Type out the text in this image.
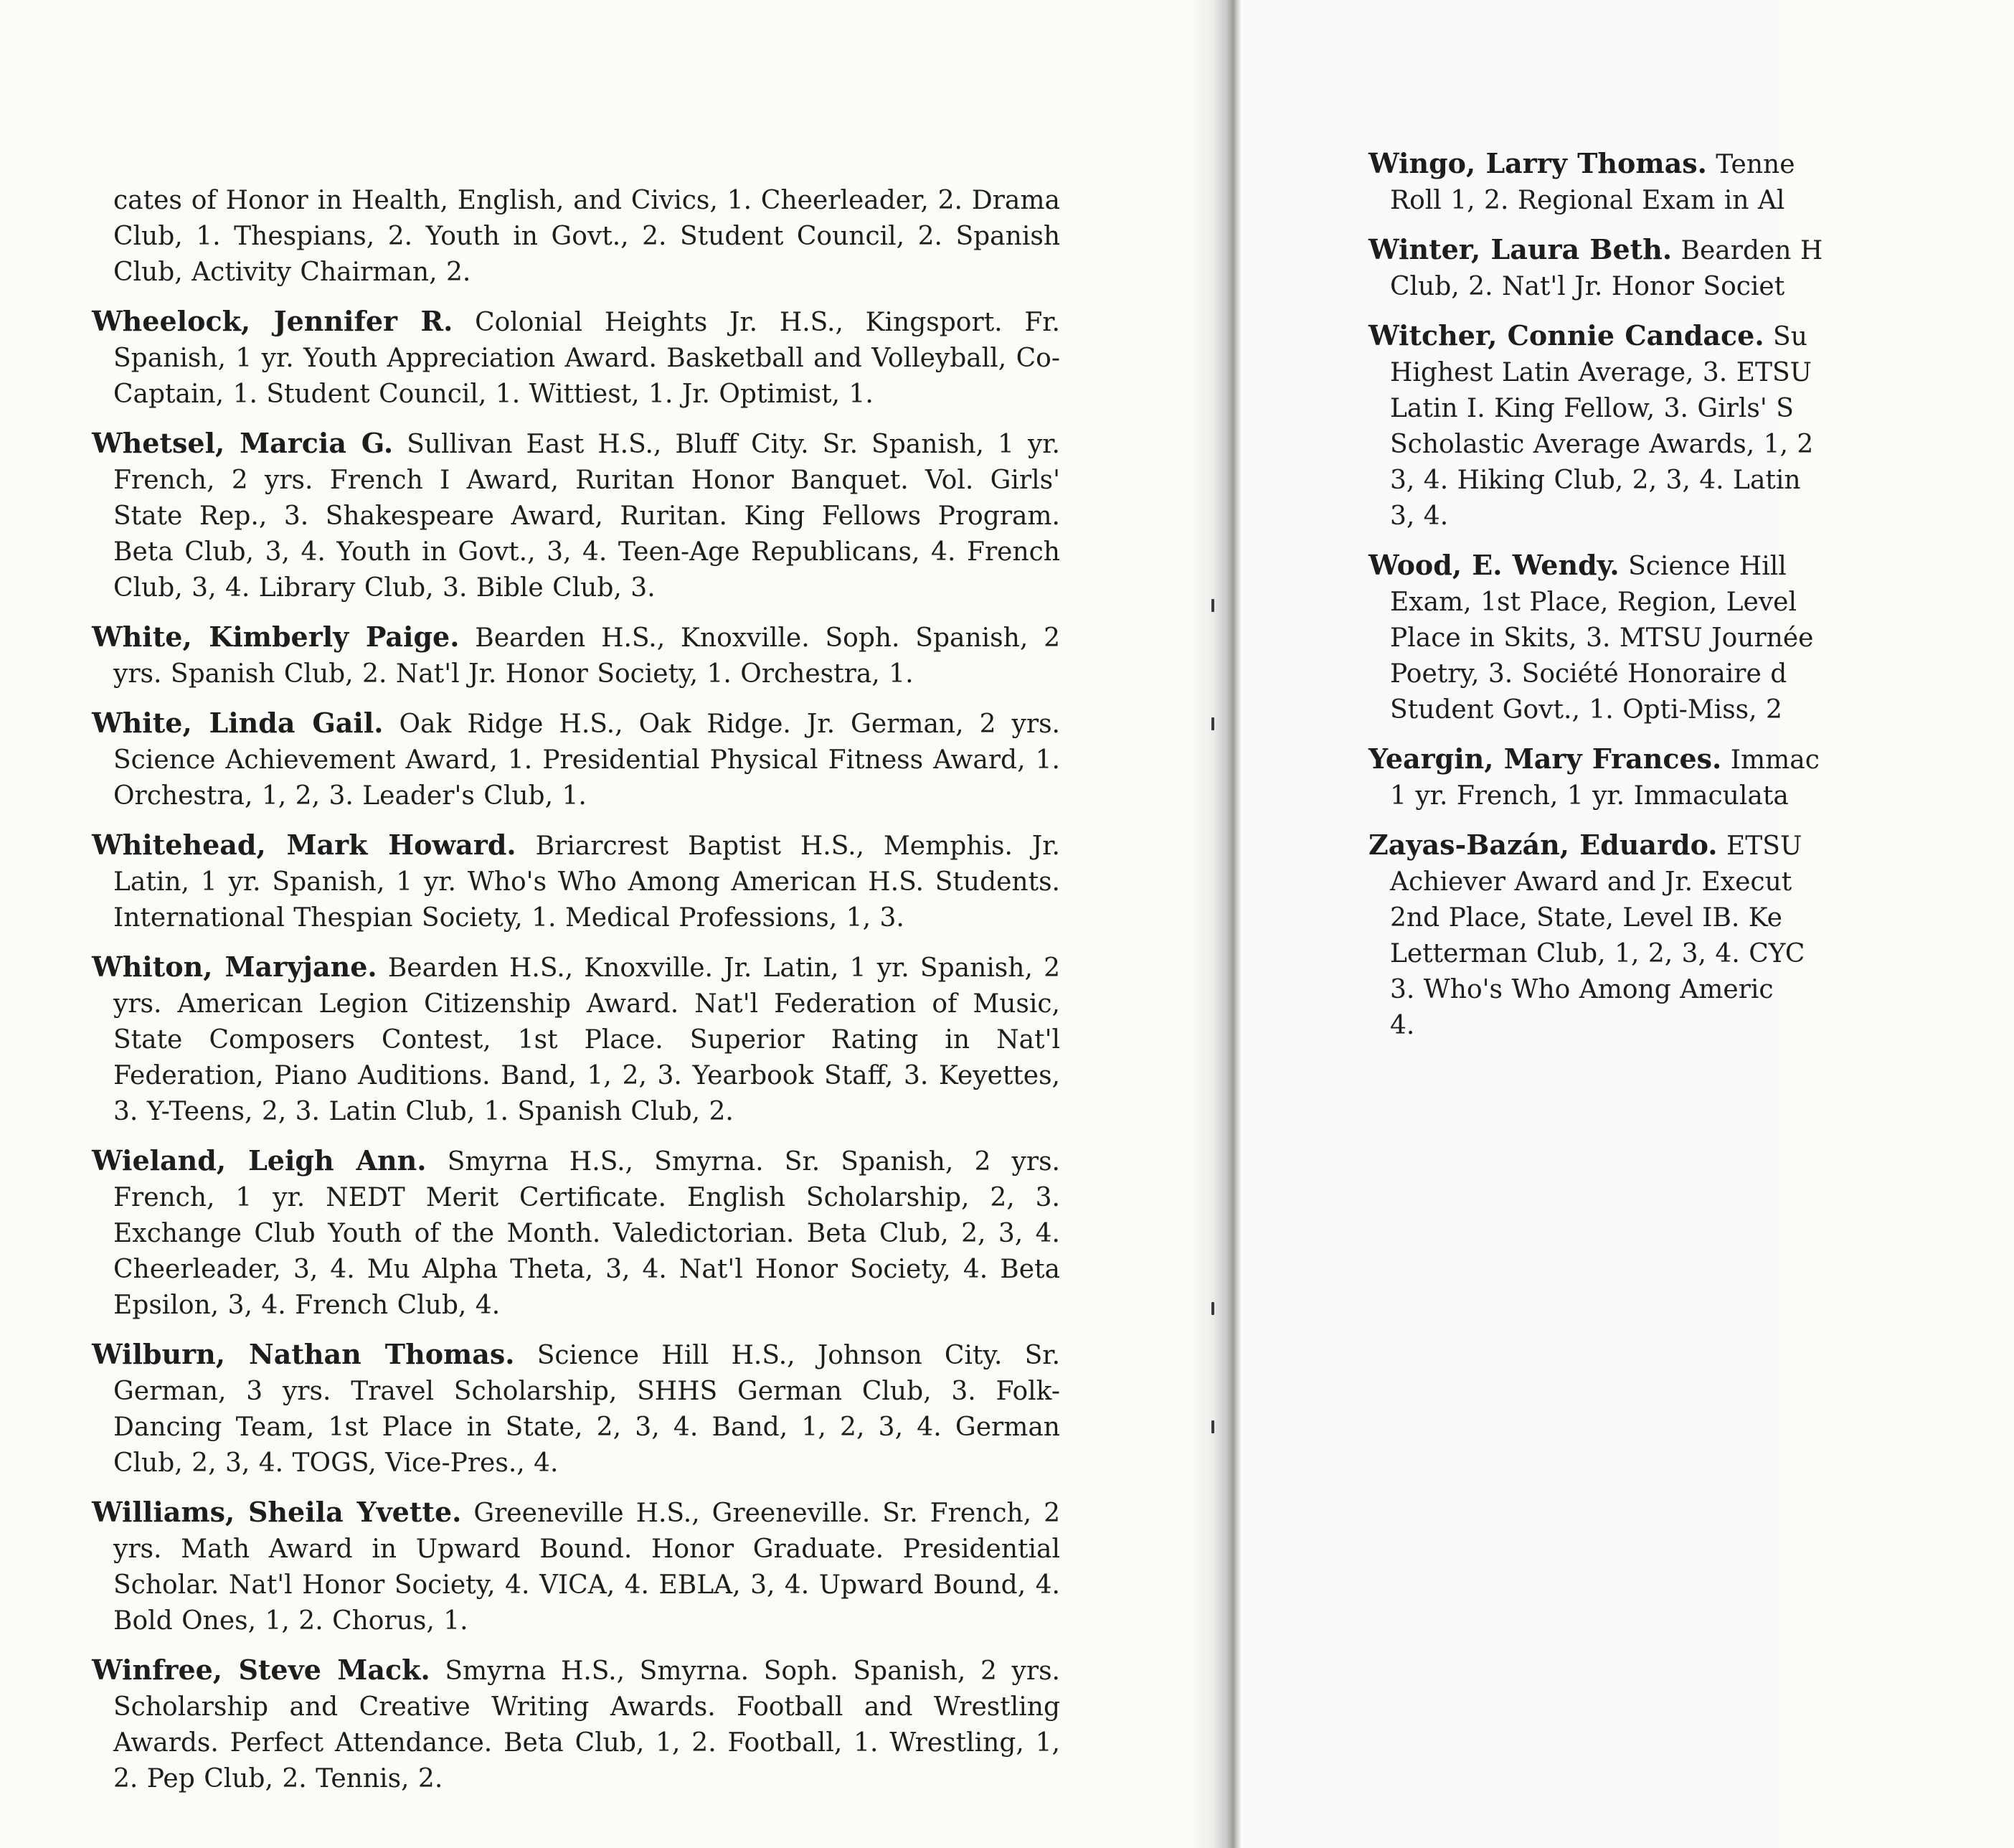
cates of Honor in Health, English, and Civics, 1. Cheerleader, 2. Drama Club, 1. Thespians, 2. Youth in Govt., 2. Student Council, 2. Spanish Club, Activity Chairman, 2.

Wheelock, Jennifer R. Colonial Heights Jr. H.S., Kingsport. Fr. Spanish, 1 yr. Youth Appreciation Award. Basketball and Volleyball, Co-Captain, 1. Student Council, 1. Wittiest, 1. Jr. Optimist, 1.

Whetsel, Marcia G. Sullivan East H.S., Bluff City. Sr. Spanish, 1 yr. French, 2 yrs. French I Award, Ruritan Honor Banquet. Vol. Girls' State Rep., 3. Shakespeare Award, Ruritan. King Fellows Program. Beta Club, 3, 4. Youth in Govt., 3, 4. Teen-Age Republicans, 4. French Club, 3, 4. Library Club, 3. Bible Club, 3.

White, Kimberly Paige. Bearden H.S., Knoxville. Soph. Spanish, 2 yrs. Spanish Club, 2. Nat'l Jr. Honor Society, 1. Orchestra, 1.

White, Linda Gail. Oak Ridge H.S., Oak Ridge. Jr. German, 2 yrs. Science Achievement Award, 1. Presidential Physical Fitness Award, 1. Orchestra, 1, 2, 3. Leader's Club, 1.

Whitehead, Mark Howard. Briarcrest Baptist H.S., Memphis. Jr. Latin, 1 yr. Spanish, 1 yr. Who's Who Among American H.S. Students. International Thespian Society, 1. Medical Professions, 1, 3.

Whiton, Maryjane. Bearden H.S., Knoxville. Jr. Latin, 1 yr. Spanish, 2 yrs. American Legion Citizenship Award. Nat'l Federation of Music, State Composers Contest, 1st Place. Superior Rating in Nat'l Federation, Piano Auditions. Band, 1, 2, 3. Yearbook Staff, 3. Keyettes, 3. Y-Teens, 2, 3. Latin Club, 1. Spanish Club, 2.

Wieland, Leigh Ann. Smyrna H.S., Smyrna. Sr. Spanish, 2 yrs. French, 1 yr. NEDT Merit Certificate. English Scholarship, 2, 3. Exchange Club Youth of the Month. Valedictorian. Beta Club, 2, 3, 4. Cheerleader, 3, 4. Mu Alpha Theta, 3, 4. Nat'l Honor Society, 4. Beta Epsilon, 3, 4. French Club, 4.

Wilburn, Nathan Thomas. Science Hill H.S., Johnson City. Sr. German, 3 yrs. Travel Scholarship, SHHS German Club, 3. Folk-Dancing Team, 1st Place in State, 2, 3, 4. Band, 1, 2, 3, 4. German Club, 2, 3, 4. TOGS, Vice-Pres., 4.

Williams, Sheila Yvette. Greeneville H.S., Greeneville. Sr. French, 2 yrs. Math Award in Upward Bound. Honor Graduate. Presidential Scholar. Nat'l Honor Society, 4. VICA, 4. EBLA, 3, 4. Upward Bound, 4. Bold Ones, 1, 2. Chorus, 1.

Winfree, Steve Mack. Smyrna H.S., Smyrna. Soph. Spanish, 2 yrs. Scholarship and Creative Writing Awards. Football and Wrestling Awards. Perfect Attendance. Beta Club, 1, 2. Football, 1. Wrestling, 1, 2. Pep Club, 2. Tennis, 2.

Wingo, Larry Thomas. Tenne
Roll 1, 2. Regional Exam in Al

Winter, Laura Beth. Bearden H
Club, 2. Nat'l Jr. Honor Societ

Witcher, Connie Candace. Su
Highest Latin Average, 3. ETSU
Latin I. King Fellow, 3. Girls' S
Scholastic Average Awards, 1, 2
3, 4. Hiking Club, 2, 3, 4. Latin
3, 4.

Wood, E. Wendy. Science Hill
Exam, 1st Place, Region, Level
Place in Skits, 3. MTSU Journée
Poetry, 3. Société Honoraire d
Student Govt., 1. Opti-Miss, 2

Yeargin, Mary Frances. Immac
1 yr. French, 1 yr. Immaculata

Zayas-Bazán, Eduardo. ETSU
Achiever Award and Jr. Execut
2nd Place, State, Level IB. Ke
Letterman Club, 1, 2, 3, 4. CYC
3. Who's Who Among Americ
4.
